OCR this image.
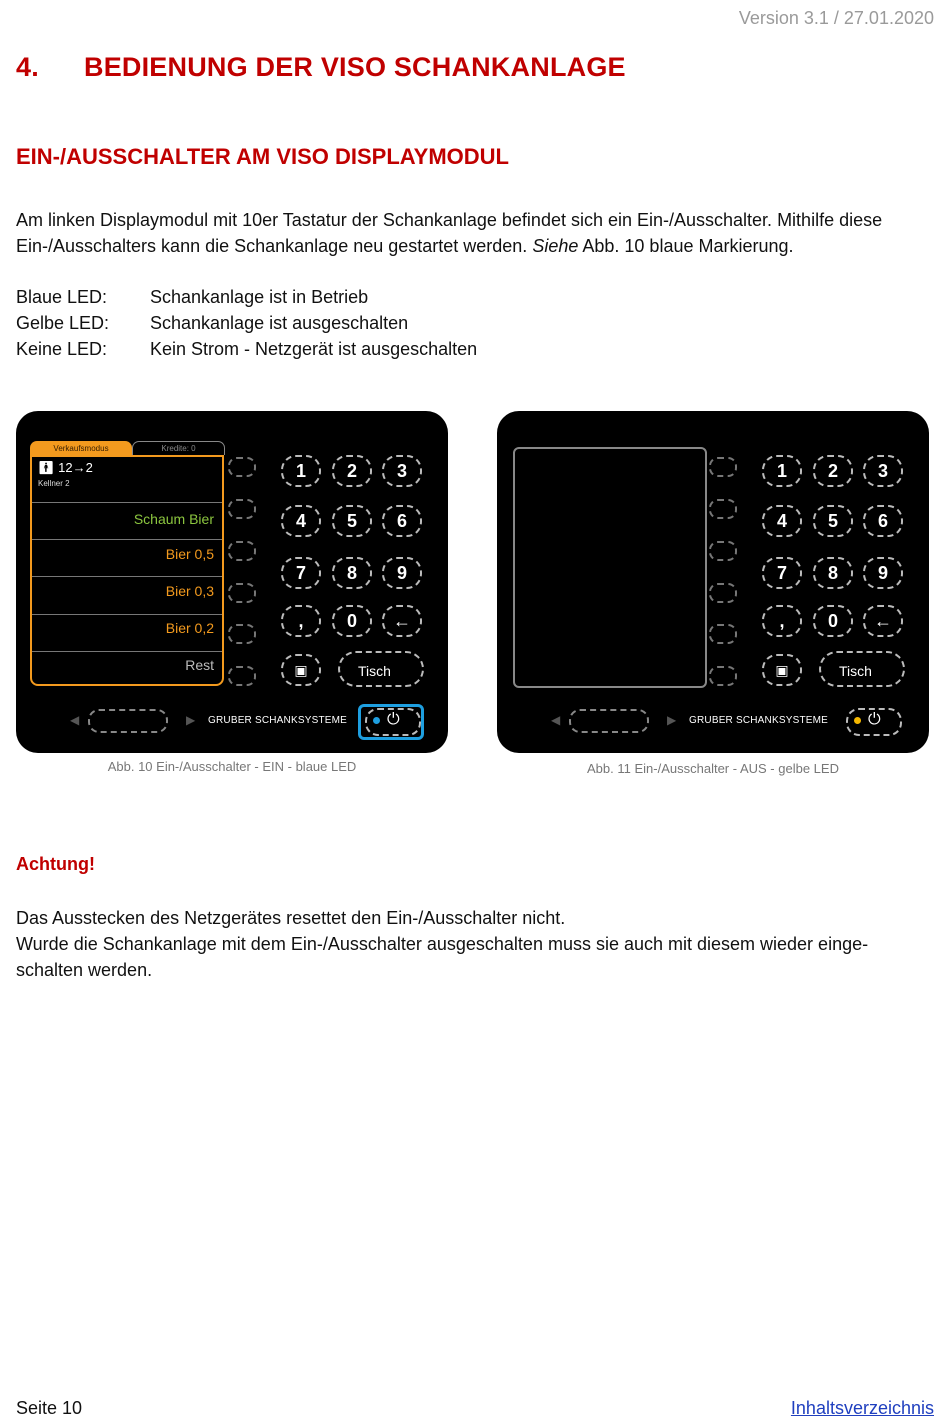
Version 3.1 / 27.01.2020
4. BEDIENUNG DER VISO SCHANKANLAGE
EIN-/AUSSCHALTER AM VISO DISPLAYMODUL

Am linken Displaymodul mit 10er Tastatur der Schankanlage befindet sich ein Ein-/Ausschalter. Mithilfe diese

Ein-/Ausschalters kann die Schankanlage neu gestartet werden. Siehe Abb. 10 blaue Markierung.

Blaue LED: Schankanlage ist in Betrieb
Gelbe LED: Schankanlage ist ausgeschalten
Keine LED: Kein Strom - Netzgerät ist ausgeschalten
Verkaufsmodus	Kredite: 0
🚹︎ 12→2
Kellner 2
Schaum Bier
Bier 0,5
Bier 0,3
Bier 0,2
Rest
1	2	3
4	5	6
7	8	9
,	0	←
▣	Tisch
◀	▶ GRUBER SCHANKSYSTEME ⏻
1	2	3
4	5	6
7	8	9
,	0	←
▣	Tisch
◀	▶ GRUBER SCHANKSYSTEME ⏻
Abb. 10 Ein-/Ausschalter - EIN - blaue LED	Abb. 11 Ein-/Ausschalter - AUS - gelbe LED
Achtung!

Das Ausstecken des Netzgerätes resettet den Ein-/Ausschalter nicht.

Wurde die Schankanlage mit dem Ein-/Ausschalter ausgeschalten muss sie auch mit diesem wieder einge-

schalten werden.

Seite 10	Inhaltsverzeichnis
